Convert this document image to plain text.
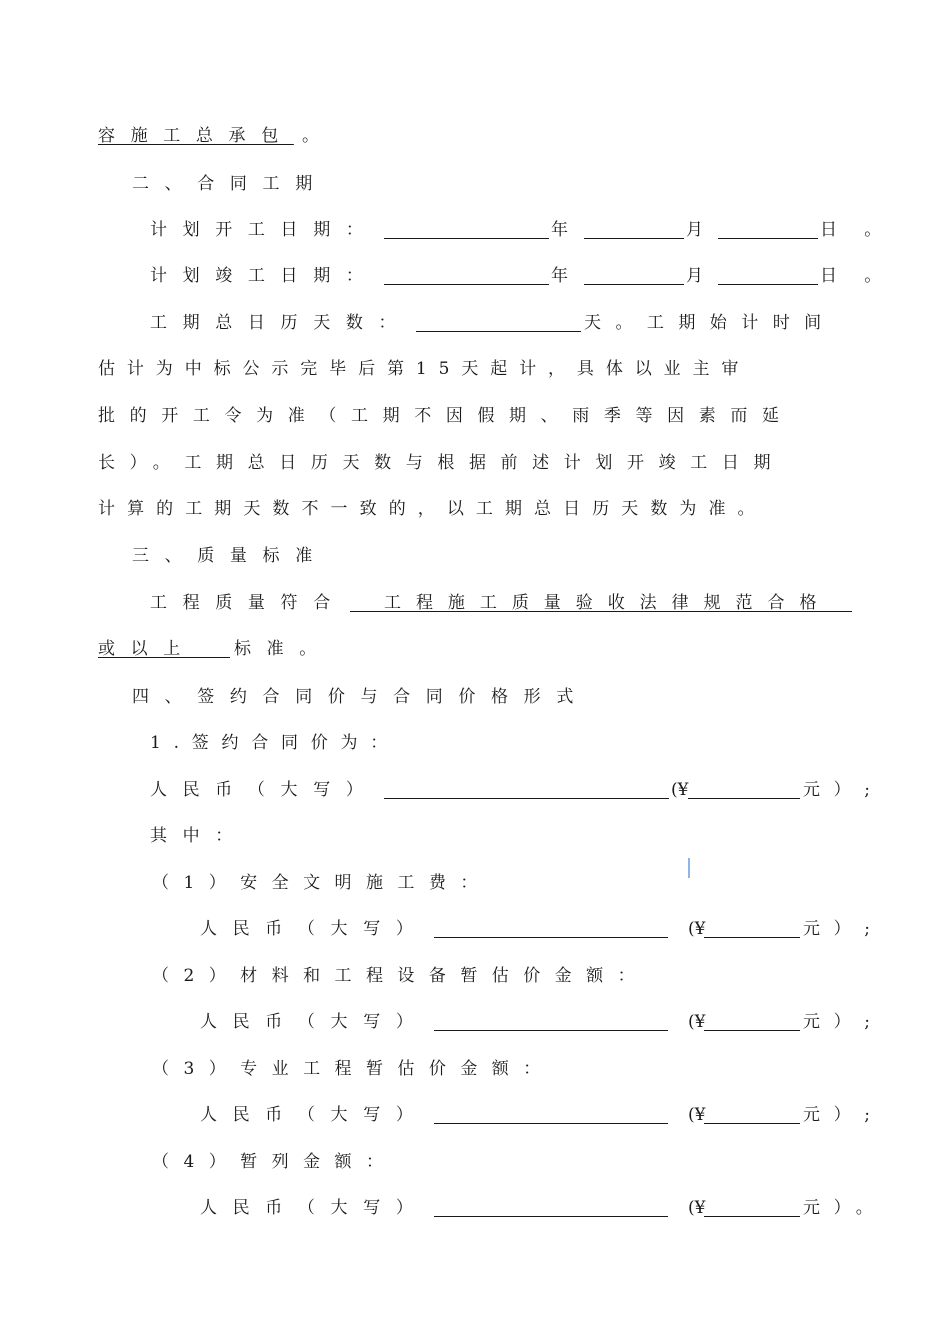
容施工总承包 。
二、合同工期
计划开工日期：	年	月	日。
计划竣工日期：	年	月	日。
工期总日历天数：	天。工期始计时间
估计为中标公示完毕后第15天起计，具体以业主审
批的开工令为准（工期不因假期、雨季等因素而延
长）。工期总日历天数与根据前述计划开竣工日期
计算的工期天数不一致的，以工期总日历天数为准。
三、质量标准
工程质量符合 工程施工质量验收法律规范合格
或以上 标准。
四、签约合同价与合同价格形式
1.签约合同价为：
人民币（大写）	(¥	元）;
其中：
（1）安全文明施工费：
人民币（大写）	(¥	元）;
（2）材料和工程设备暂估价金额：
人民币（大写）	(¥	元）;
（3）专业工程暂估价金额：
人民币（大写）	(¥	元）;
（4）暂列金额：
人民币（大写）	(¥	元）。
